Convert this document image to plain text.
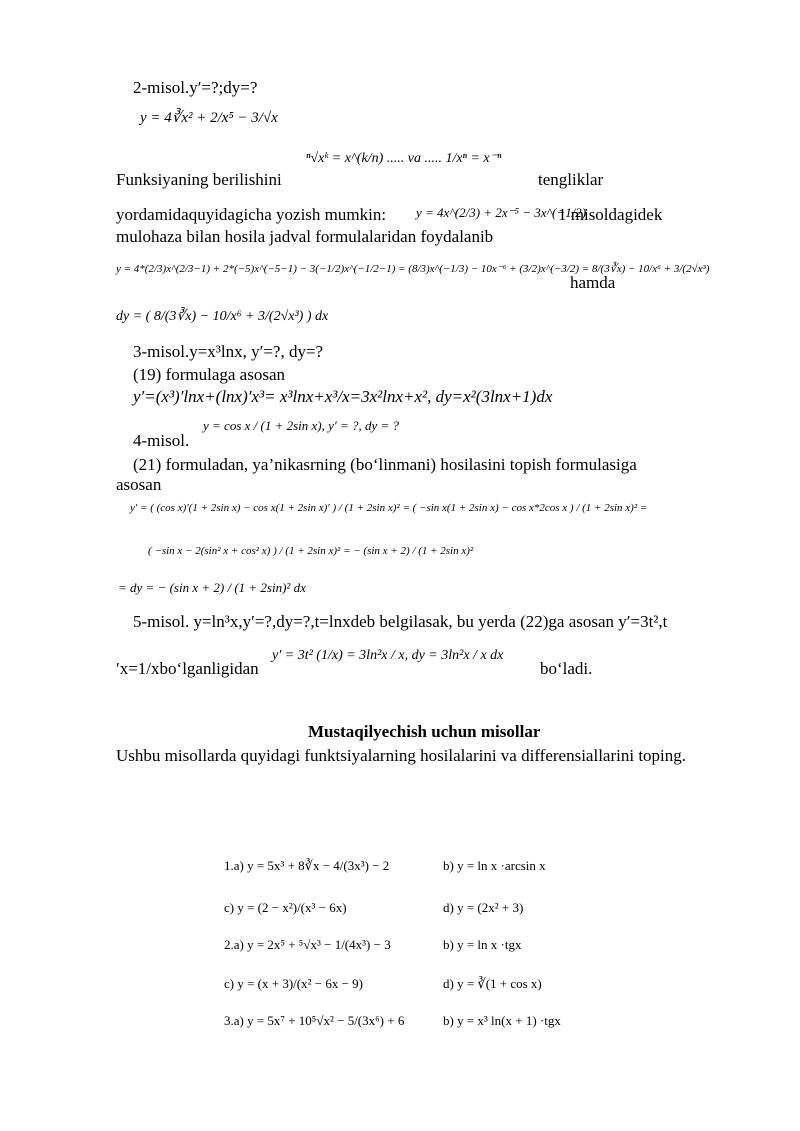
2-misol.y′=?;dy=?
y = 4∛x² + 2/x⁵ − 3/√x
Funksiyaning berilishini
ⁿ√xᵏ = x^(k/n) ..... va ..... 1/xⁿ = x⁻ⁿ
tengliklar
yordamidaquyidagicha yozish mumkin: y = 4x^(2/3) + 2x⁻⁵ − 3x^(−1/2)
1 misoldagidek
mulohaza bilan hosila jadval formulalaridan foydalanib
y = 4*(2/3)x^(2/3−1) + 2*(−5)x^(−5−1) − 3(−1/2)x^(−1/2−1) = (8/3)x^(−1/3) − 10x⁻⁶ + (3/2)x^(−3/2) = 8/(3∛x) − 10/x⁶ + 3/(2√x³)
hamda
dy = ( 8/(3∛x) − 10/x⁶ + 3/(2√x³) ) dx
3-misol.y=x³lnx, y′=?, dy=?
(19) formulaga asosan
y′=(x³)′lnx+(lnx)′x³= x³lnx+x³/x=3x²lnx+x², dy=x²(3lnx+1)dx
4-misol.
y = cos x / (1 + 2sin x), y′ = ?, dy = ?
(21) formuladan, ya’nikasrning (bo‘linmani) hosilasini topish formulasiga
asosan
y′ = ( (cos x)′(1 + 2sin x) − cos x(1 + 2sin x)′ ) / (1 + 2sin x)² = ( −sin x(1 + 2sin x) − cos x*2cos x ) / (1 + 2sin x)² =
( −sin x − 2(sin² x + cos² x) ) / (1 + 2sin x)² = − (sin x + 2) / (1 + 2sin x)²
= dy = − (sin x + 2) / (1 + 2sin)² dx
5-misol. y=ln³x,y′=?,dy=?,t=lnxdeb belgilasak, bu yerda (22)ga asosan y′=3t²,t
′x=1/xbo‘lganligidan
y′ = 3t² (1/x) = 3ln²x / x, dy = 3ln²x / x dx
bo‘ladi.
Mustaqilyechish uchun misollar
Ushbu misollarda quyidagi funktsiyalarning hosilalarini va differensiallarini toping.
1.a) y = 5x³ + 8∛x − 4/(3x³) − 2	b) y = ln x ·arcsin x
c) y = (2 − x²)/(x³ − 6x)	d) y = (2x² + 3)
2.a) y = 2x⁵ + ⁵√x³ − 1/(4x³) − 3	b) y = ln x ·tgx
c) y = (x + 3)/(x² − 6x − 9)	d) y = ∛(1 + cos x)
3.a) y = 5x⁷ + 10⁵√x² − 5/(3x⁶) + 6	b) y = x³ ln(x + 1) ·tgx
